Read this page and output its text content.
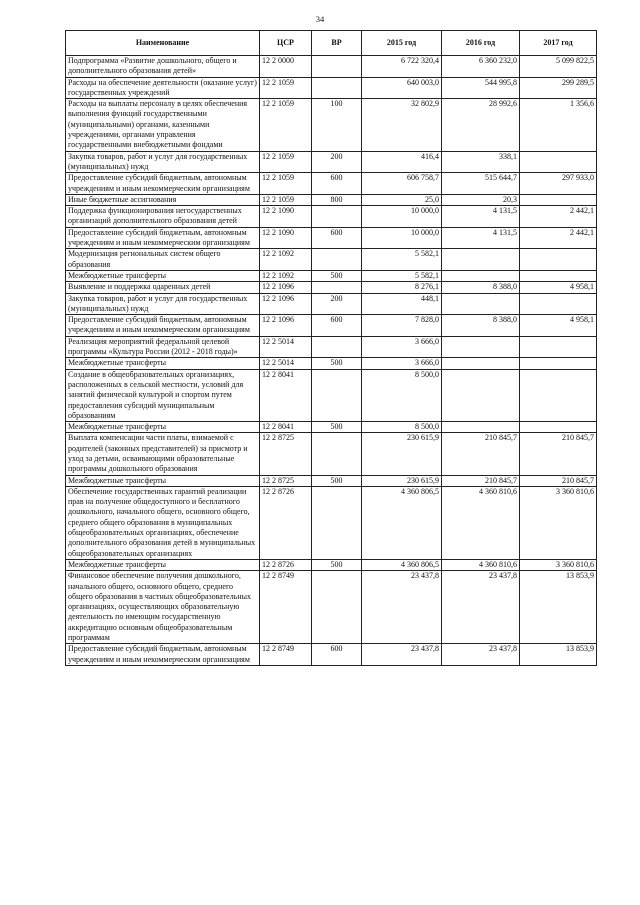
34
Наименование	ЦСР	ВР	2015 год	2016 год	2017 год
Подпрограмма «Развитие дошкольного, общего и дополнительного образования детей»	12 2 0000		6 722 320,4	6 360 232,0	5 099 822,5
Расходы на обеспечение деятельности (оказание услуг) государственных учреждений	12 2 1059		640 003,0	544 995,8	299 289,5
Расходы на выплаты персоналу в целях обеспечения выполнения функций государственными (муниципальными) органами, казенными учреждениями, органами управления государственными внебюджетными фондами	12 2 1059	100	32 802,9	28 992,6	1 356,6
Закупка товаров, работ и услуг для государственных (муниципальных) нужд	12 2 1059	200	416,4	338,1	
Предоставление субсидий бюджетным, автономным учреждениям и иным некоммерческим организациям	12 2 1059	600	606 758,7	515 644,7	297 933,0
Иные бюджетные ассигнования	12 2 1059	800	25,0	20,3	
Поддержка функционирования негосударственных организаций дополнительного образования детей	12 2 1090		10 000,0	4 131,5	2 442,1
Предоставление субсидий бюджетным, автономным учреждениям и иным некоммерческим организациям	12 2 1090	600	10 000,0	4 131,5	2 442,1
Модернизация региональных систем общего образования	12 2 1092		5 582,1		
Межбюджетные трансферты	12 2 1092	500	5 582,1		
Выявление и поддержка одаренных детей	12 2 1096		8 276,1	8 388,0	4 958,1
Закупка товаров, работ и услуг для государственных (муниципальных) нужд	12 2 1096	200	448,1		
Предоставление субсидий бюджетным, автономным учреждениям и иным некоммерческим организациям	12 2 1096	600	7 828,0	8 388,0	4 958,1
Реализация мероприятий федеральной целевой программы «Культура России (2012 - 2018 годы)»	12 2 5014		3 666,0		
Межбюджетные трансферты	12 2 5014	500	3 666,0		
Создание в общеобразовательных организациях, расположенных в сельской местности, условий для занятий физической культурой и спортом путем предоставления субсидий муниципальным образованиям	12 2 8041		8 500,0		
Межбюджетные трансферты	12 2 8041	500	8 500,0		
Выплата компенсации части платы, взимаемой с родителей (законных представителей) за присмотр и уход за детьми, осваивающими образовательные программы дошкольного образования	12 2 8725		230 615,9	210 845,7	210 845,7
Межбюджетные трансферты	12 2 8725	500	230 615,9	210 845,7	210 845,7
Обеспечение государственных гарантий реализации прав на получение общедоступного и бесплатного дошкольного, начального общего, основного общего, среднего общего образования в муниципальных общеобразовательных организациях, обеспечение дополнительного образования детей в муниципальных общеобразовательных организациях	12 2 8726		4 360 806,5	4 360 810,6	3 360 810,6
Межбюджетные трансферты	12 2 8726	500	4 360 806,5	4 360 810,6	3 360 810,6
Финансовое обеспечение получения дошкольного, начального общего, основного общего, среднего общего образования в частных общеобразовательных организациях, осуществляющих образовательную деятельность по имеющим государственную аккредитацию основным общеобразовательным программам	12 2 8749		23 437,8	23 437,8	13 853,9
Предоставление субсидий бюджетным, автономным учреждениям и иным некоммерческим организациям	12 2 8749	600	23 437,8	23 437,8	13 853,9
